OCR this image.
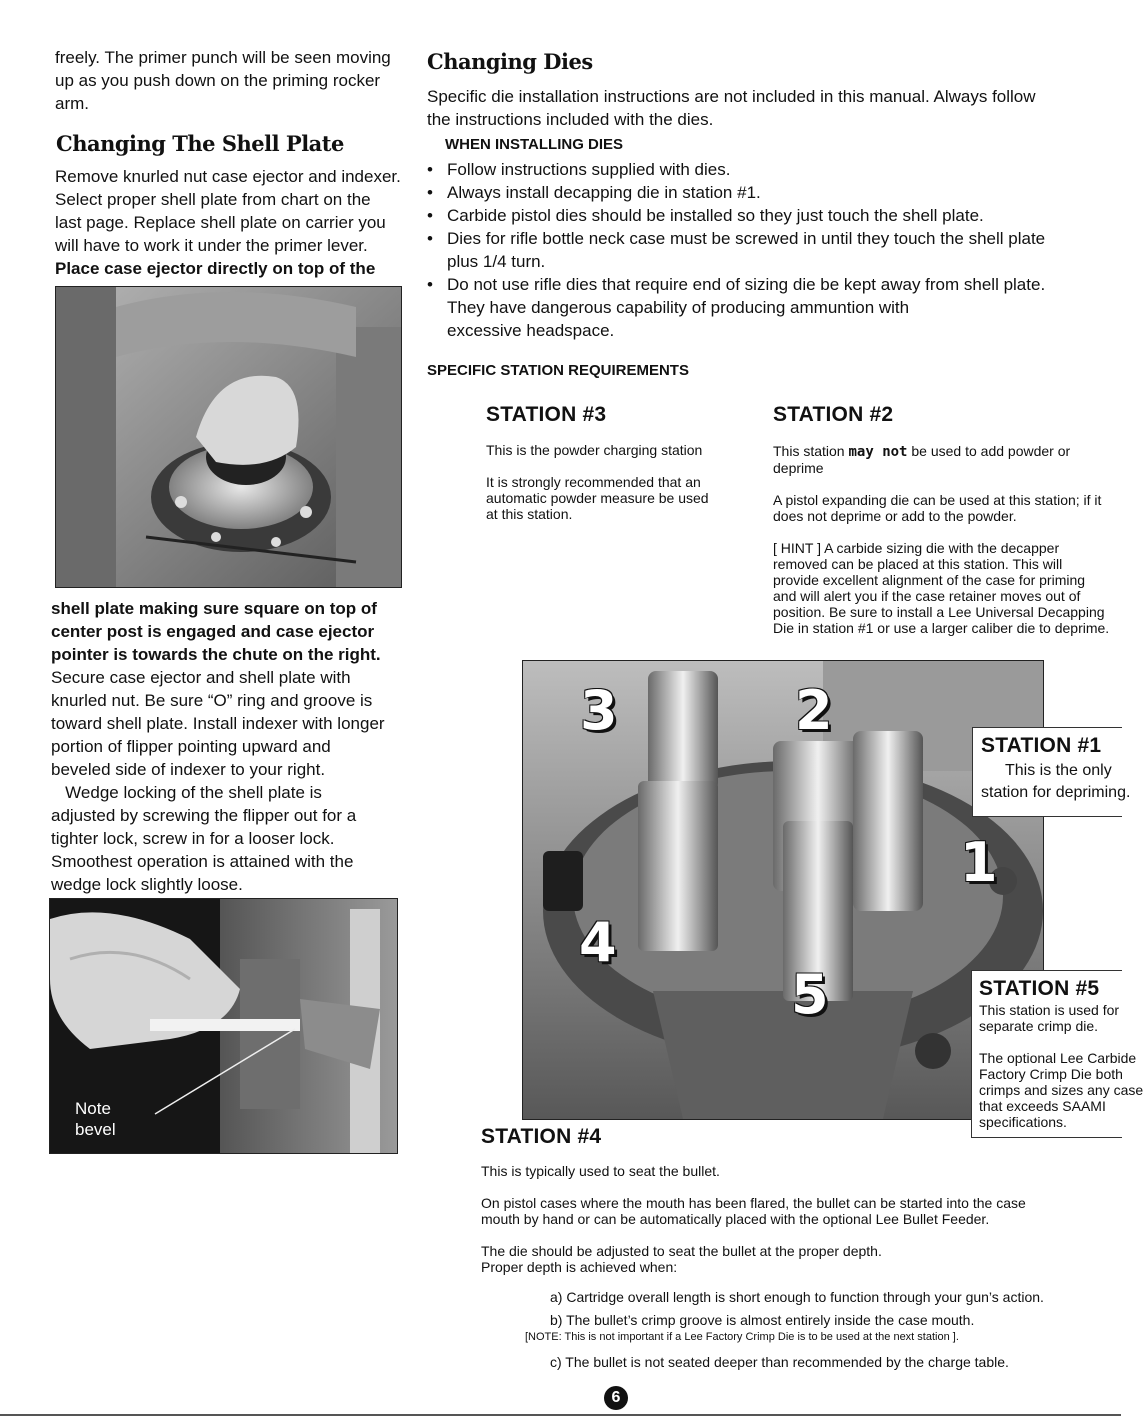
freely. The primer punch will be seen moving
up as you push down on the priming rocker
arm.
Changing The Shell Plate
Remove knurled nut case ejector and indexer.
Select proper shell plate from chart on the
last page. Replace shell plate on carrier you
will have to work it under the primer lever.
Place case ejector directly on top of the
shell plate making sure square on top of
center post is engaged and case ejector
pointer is towards the chute on the right.
Secure case ejector and shell plate with
knurled nut. Be sure “O” ring and groove is
toward shell plate. Install indexer with longer
portion of flipper pointing upward and
beveled side of indexer to your right.
Wedge locking of the shell plate is
adjusted by screwing the flipper out for a
tighter lock, screw in for a looser lock.
Smoothest operation is attained with the
wedge lock slightly loose.
Note
bevel
Changing Dies
Specific die installation instructions are not included in this manual. Always follow
the instructions included with the dies.
WHEN INSTALLING DIES
• Follow instructions supplied with dies.
• Always install decapping die in station #1.
• Carbide pistol dies should be installed so they just touch the shell plate.
• Dies for rifle bottle neck case must be screwed in until they touch the shell plate
plus 1/4 turn.
• Do not use rifle dies that require end of sizing die be kept away from shell plate.
They have dangerous capability of producing ammuntion with
excessive headspace.
SPECIFIC STATION REQUIREMENTS
STATION #3
This is the powder charging station
It is strongly recommended that an
automatic powder measure be used
at this station.
STATION #2
This station may not be used to add powder or
deprime
A pistol expanding die can be used at this station; if it
does not deprime or add to the powder.
[ HINT ] A carbide sizing die with the decapper
removed can be placed at this station. This will
provide excellent alignment of the case for priming
and will alert you if the case retainer moves out of
position. Be sure to install a Lee Universal Decapping
Die in station #1 or use a larger caliber die to deprime.
3	2
1
4
5
STATION #1
This is the only
station for depriming.
STATION #5
This station is used for
separate crimp die.
The optional Lee Carbide
Factory Crimp Die both
crimps and sizes any case
that exceeds SAAMI
specifications.
STATION #4
This is typically used to seat the bullet.
On pistol cases where the mouth has been flared, the bullet can be started into the case
mouth by hand or can be automatically placed with the optional Lee Bullet Feeder.
The die should be adjusted to seat the bullet at the proper depth.
Proper depth is achieved when:
a) Cartridge overall length is short enough to function through your gun’s action.
b) The bullet’s crimp groove is almost entirely inside the case mouth.
[NOTE: This is not important if a Lee Factory Crimp Die is to be used at the next station ].
c) The bullet is not seated deeper than recommended by the charge table.
6
